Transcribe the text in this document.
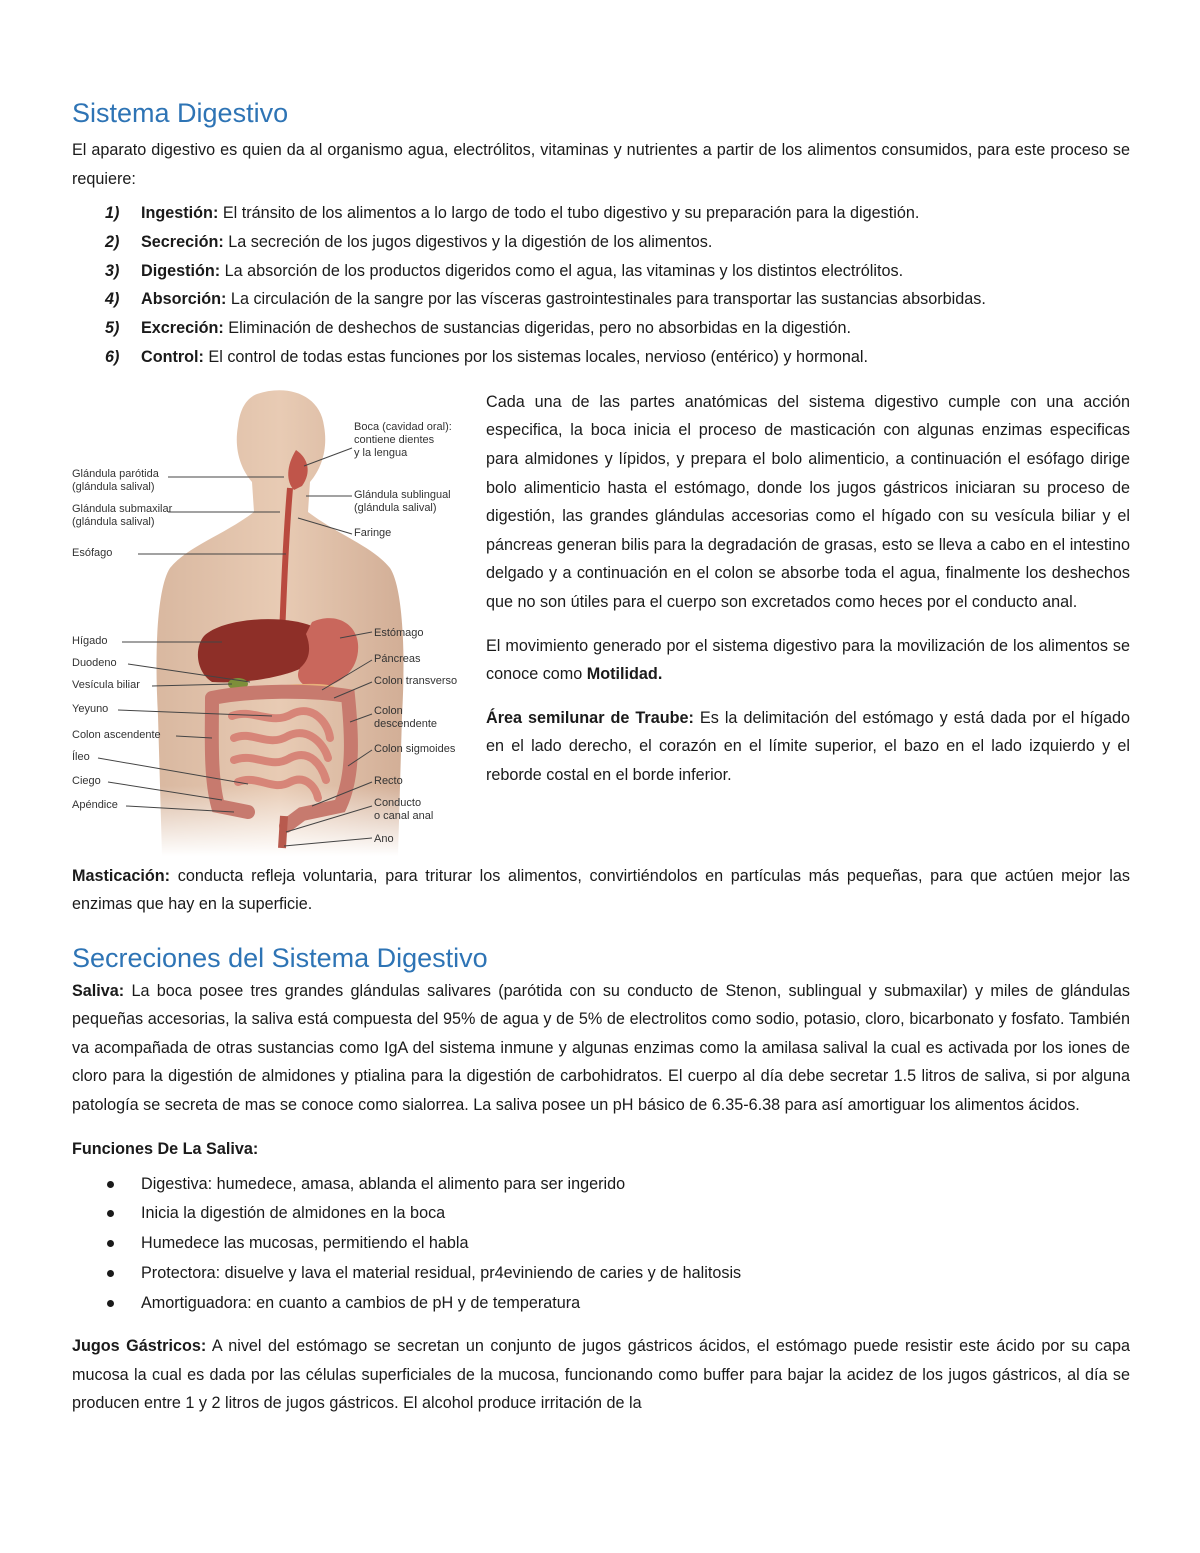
Sistema Digestivo

El aparato digestivo es quien da al organismo agua, electrólitos, vitaminas y nutrientes a partir de los alimentos consumidos, para este proceso se requiere:

1) Ingestión: El tránsito de los alimentos a lo largo de todo el tubo digestivo y su preparación para la digestión.
2) Secreción: La secreción de los jugos digestivos y la digestión de los alimentos.
3) Digestión: La absorción de los productos digeridos como el agua, las vitaminas y los distintos electrólitos.
4) Absorción: La circulación de la sangre por las vísceras gastrointestinales para transportar las sustancias absorbidas.
5) Excreción: Eliminación de deshechos de sustancias digeridas, pero no absorbidas en la digestión.
6) Control: El control de todas estas funciones por los sistemas locales, nervioso (entérico) y hormonal.
Glándula parótida
(glándula salival)
Glándula submaxilar
(glándula salival)
Esófago
Hígado
Duodeno
Vesícula biliar
Yeyuno
Colon ascendente
Íleo
Ciego
Apéndice
Boca (cavidad oral):
contiene dientes
y la lengua
Glándula sublingual
(glándula salival)
Faringe
Estómago
Páncreas
Colon transverso
Colon
descendente
Colon sigmoides
Recto
Conducto
o canal anal
Ano

Cada una de las partes anatómicas del sistema digestivo cumple con una acción especifica, la boca inicia el proceso de masticación con algunas enzimas especificas para almidones y lípidos, y prepara el bolo alimenticio, a continuación el esófago dirige bolo alimenticio hasta el estómago, donde los jugos gástricos iniciaran su proceso de digestión, las grandes glándulas accesorias como el hígado con su vesícula biliar y el páncreas generan bilis para la degradación de grasas, esto se lleva a cabo en el intestino delgado y a continuación en el colon se absorbe toda el agua, finalmente los deshechos que no son útiles para el cuerpo son excretados como heces por el conducto anal.

El movimiento generado por el sistema digestivo para la movilización de los alimentos se conoce como Motilidad.

Área semilunar de Traube: Es la delimitación del estómago y está dada por el hígado en el lado derecho, el corazón en el límite superior, el bazo en el lado izquierdo y el reborde costal en el borde inferior.

Masticación: conducta refleja voluntaria, para triturar los alimentos, convirtiéndolos en partículas más pequeñas, para que actúen mejor las enzimas que hay en la superficie.

Secreciones del Sistema Digestivo

Saliva: La boca posee tres grandes glándulas salivares (parótida con su conducto de Stenon, sublingual y submaxilar) y miles de glándulas pequeñas accesorias, la saliva está compuesta del 95% de agua y de 5% de electrolitos como sodio, potasio, cloro, bicarbonato y fosfato. También va acompañada de otras sustancias como IgA del sistema inmune y algunas enzimas como la amilasa salival la cual es activada por los iones de cloro para la digestión de almidones y ptialina para la digestión de carbohidratos. El cuerpo al día debe secretar 1.5 litros de saliva, si por alguna patología se secreta de mas se conoce como sialorrea. La saliva posee un pH básico de 6.35-6.38 para así amortiguar los alimentos ácidos.

Funciones De La Saliva:

Digestiva: humedece, amasa, ablanda el alimento para ser ingerido
Inicia la digestión de almidones en la boca
Humedece las mucosas, permitiendo el habla
Protectora: disuelve y lava el material residual, pr4eviniendo de caries y de halitosis
Amortiguadora: en cuanto a cambios de pH y de temperatura

Jugos Gástricos: A nivel del estómago se secretan un conjunto de jugos gástricos ácidos, el estómago puede resistir este ácido por su capa mucosa la cual es dada por las células superficiales de la mucosa, funcionando como buffer para bajar la acidez de los jugos gástricos, al día se producen entre 1 y 2 litros de jugos gástricos. El alcohol produce irritación de la
